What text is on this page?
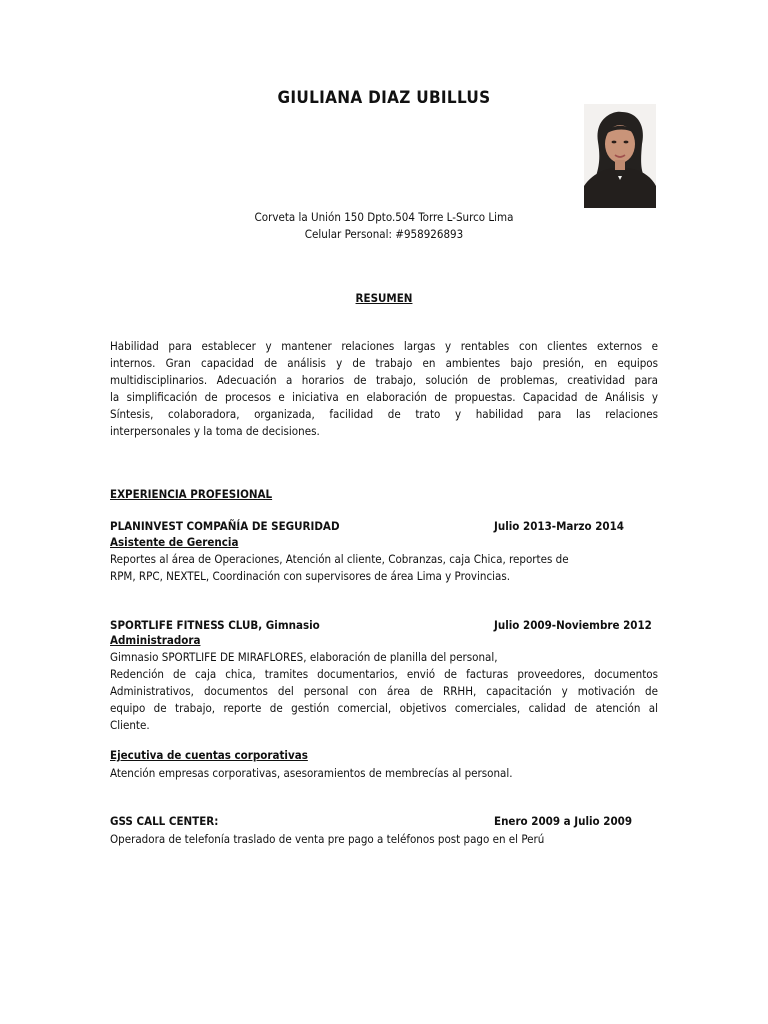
GIULIANA DIAZ UBILLUS
Corveta la Unión 150 Dpto.504 Torre L-Surco Lima
Celular Personal: #958926893
RESUMEN
Habilidad para establecer y mantener relaciones largas y rentables con clientes externos e
internos. Gran capacidad de análisis y de trabajo en ambientes bajo presión, en equipos
multidisciplinarios. Adecuación a horarios de trabajo, solución de problemas, creatividad para
la simplificación de procesos e iniciativa en elaboración de propuestas. Capacidad de Análisis y
Síntesis, colaboradora, organizada, facilidad de trato y habilidad para las relaciones
interpersonales y la toma de decisiones.
EXPERIENCIA PROFESIONAL
PLANINVEST COMPAÑÍA DE SEGURIDAD	Julio 2013-Marzo 2014
Asistente de Gerencia
Reportes al área de Operaciones, Atención al cliente, Cobranzas, caja Chica, reportes de
RPM, RPC, NEXTEL, Coordinación con supervisores de área Lima y Provincias.
SPORTLIFE FITNESS CLUB, Gimnasio	Julio 2009-Noviembre 2012
Administradora
Gimnasio SPORTLIFE DE MIRAFLORES, elaboración de planilla del personal,
Redención de caja chica, tramites documentarios, envió de facturas proveedores, documentos
Administrativos, documentos del personal con área de RRHH, capacitación y motivación de
equipo de trabajo, reporte de gestión comercial, objetivos comerciales, calidad de atención al
Cliente.
Ejecutiva de cuentas corporativas
Atención empresas corporativas, asesoramientos de membrecías al personal.
GSS CALL CENTER:	Enero 2009 a Julio 2009
Operadora de telefonía traslado de venta pre pago a teléfonos post pago en el Perú
